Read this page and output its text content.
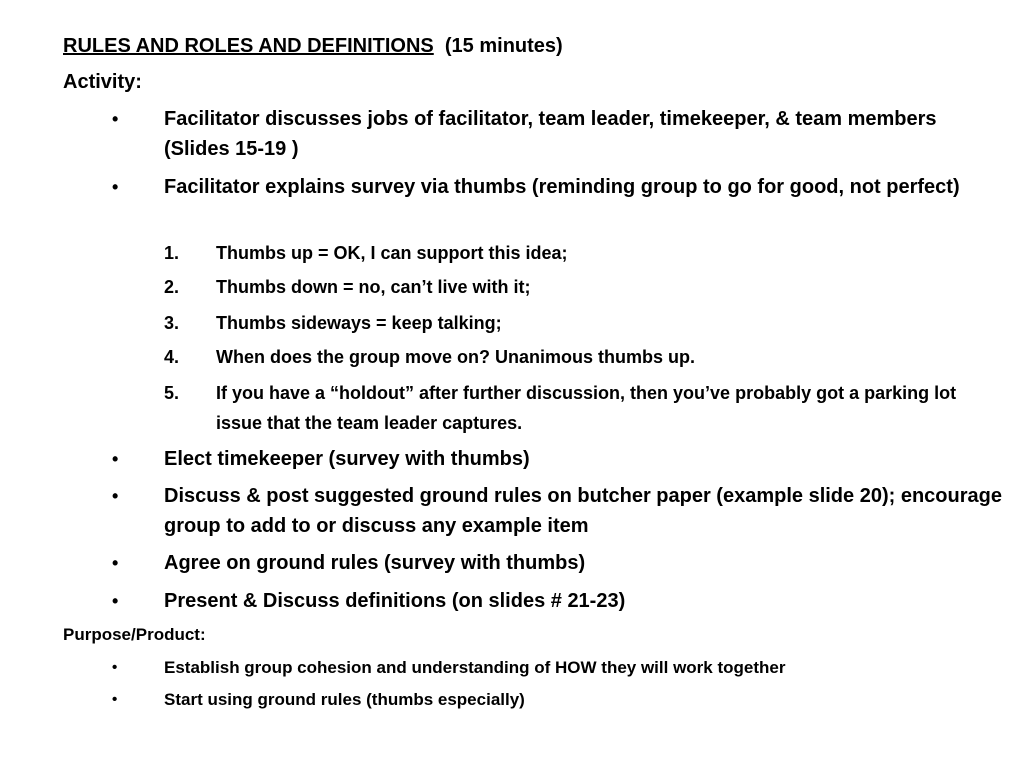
RULES AND ROLES AND DEFINITIONS (15 minutes)
Activity:
•	Facilitator discusses jobs of facilitator, team leader, timekeeper, & team members (Slides 15-19 )
•	Facilitator explains survey via thumbs (reminding group to go for good, not perfect)
1.	Thumbs up = OK, I can support this idea;
2.	Thumbs down = no, can’t live with it;
3.	Thumbs sideways = keep talking;
4.	When does the group move on? Unanimous thumbs up.
5.	If you have a “holdout” after further discussion, then you’ve probably got a parking lot issue that the team leader captures.
•	Elect timekeeper (survey with thumbs)
•	Discuss & post suggested ground rules on butcher paper (example slide 20); encourage group to add to or discuss any example item
•	Agree on ground rules (survey with thumbs)
•	Present & Discuss definitions (on slides # 21-23)
Purpose/Product:
•	Establish group cohesion and understanding of HOW they will work together
•	Start using ground rules (thumbs especially)
